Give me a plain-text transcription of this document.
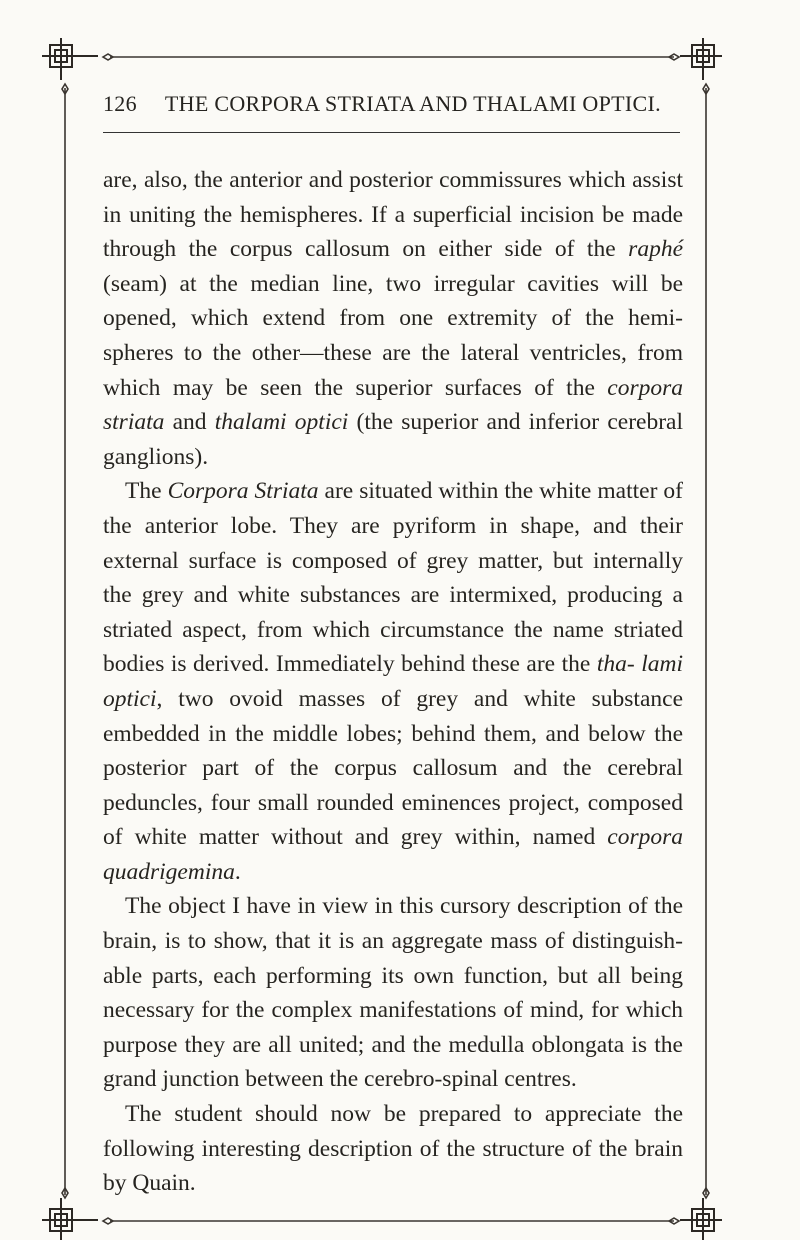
126 THE CORPORA STRIATA AND THALAMI OPTICI.

are, also, the anterior and posterior commissures which assist in uniting the hemispheres. If a superficial incision be made through the corpus callosum on either side of the raphé (seam) at the median line, two irregular cavities will be opened, which extend from one extremity of the hemi- spheres to the other—these are the lateral ventricles, from which may be seen the superior surfaces of the corpora striata and thalami optici (the superior and inferior cerebral ganglions).

The Corpora Striata are situated within the white matter of the anterior lobe. They are pyriform in shape, and their external surface is composed of grey matter, but internally the grey and white substances are intermixed, producing a striated aspect, from which circumstance the name striated bodies is derived. Immediately behind these are the tha- lami optici, two ovoid masses of grey and white substance embedded in the middle lobes; behind them, and below the posterior part of the corpus callosum and the cerebral peduncles, four small rounded eminences project, composed of white matter without and grey within, named corpora quadrigemina.

The object I have in view in this cursory description of the brain, is to show, that it is an aggregate mass of distinguish- able parts, each performing its own function, but all being necessary for the complex manifestations of mind, for which purpose they are all united; and the medulla oblongata is the grand junction between the cerebro-spinal centres.

The student should now be prepared to appreciate the following interesting description of the structure of the brain by Quain.
